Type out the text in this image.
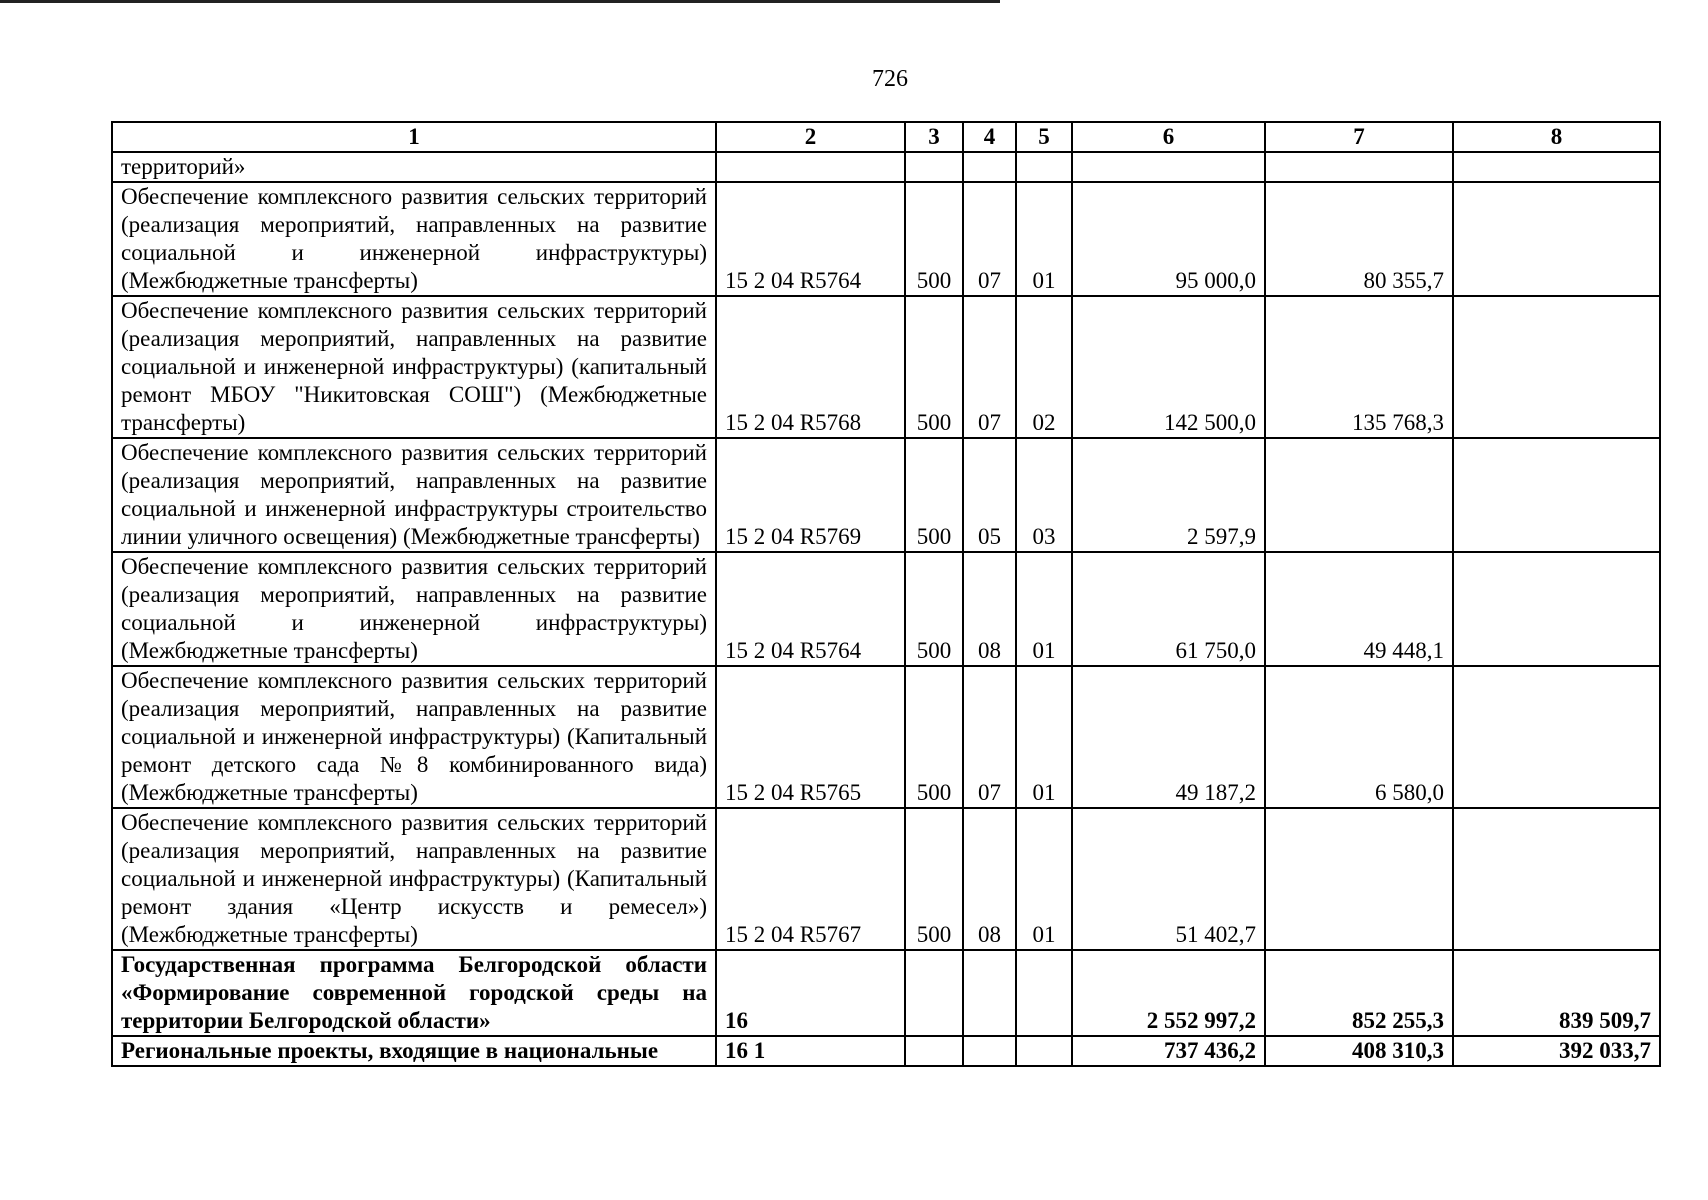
726
1	2	3	4	5	6	7	8
территорий»							
Обеспечение комплексного развития сельских территорий (реализация мероприятий, направленных на развитие социальной и инженерной инфраструктуры) (Межбюджетные трансферты)	15 2 04 R5764	500	07	01	95 000,0	80 355,7	
Обеспечение комплексного развития сельских территорий (реализация мероприятий, направленных на развитие социальной и инженерной инфраструктуры) (капитальный ремонт МБОУ "Никитовская СОШ") (Межбюджетные трансферты)	15 2 04 R5768	500	07	02	142 500,0	135 768,3	
Обеспечение комплексного развития сельских территорий (реализация мероприятий, направленных на развитие социальной и инженерной инфраструктуры строительство линии уличного освещения) (Межбюджетные трансферты)	15 2 04 R5769	500	05	03	2 597,9		
Обеспечение комплексного развития сельских территорий (реализация мероприятий, направленных на развитие социальной и инженерной инфраструктуры) (Межбюджетные трансферты)	15 2 04 R5764	500	08	01	61 750,0	49 448,1	
Обеспечение комплексного развития сельских территорий (реализация мероприятий, направленных на развитие социальной и инженерной инфраструктуры) (Капитальный ремонт детского сада №8 комбинированного вида) (Межбюджетные трансферты)	15 2 04 R5765	500	07	01	49 187,2	6 580,0	
Обеспечение комплексного развития сельских территорий (реализация мероприятий, направленных на развитие социальной и инженерной инфраструктуры) (Капитальный ремонт здания «Центр искусств и ремесел») (Межбюджетные трансферты)	15 2 04 R5767	500	08	01	51 402,7		
Государственная программа Белгородской области «Формирование современной городской среды на территории Белгородской области»	16				2 552 997,2	852 255,3	839 509,7
Региональные проекты, входящие в национальные	16 1				737 436,2	408 310,3	392 033,7
